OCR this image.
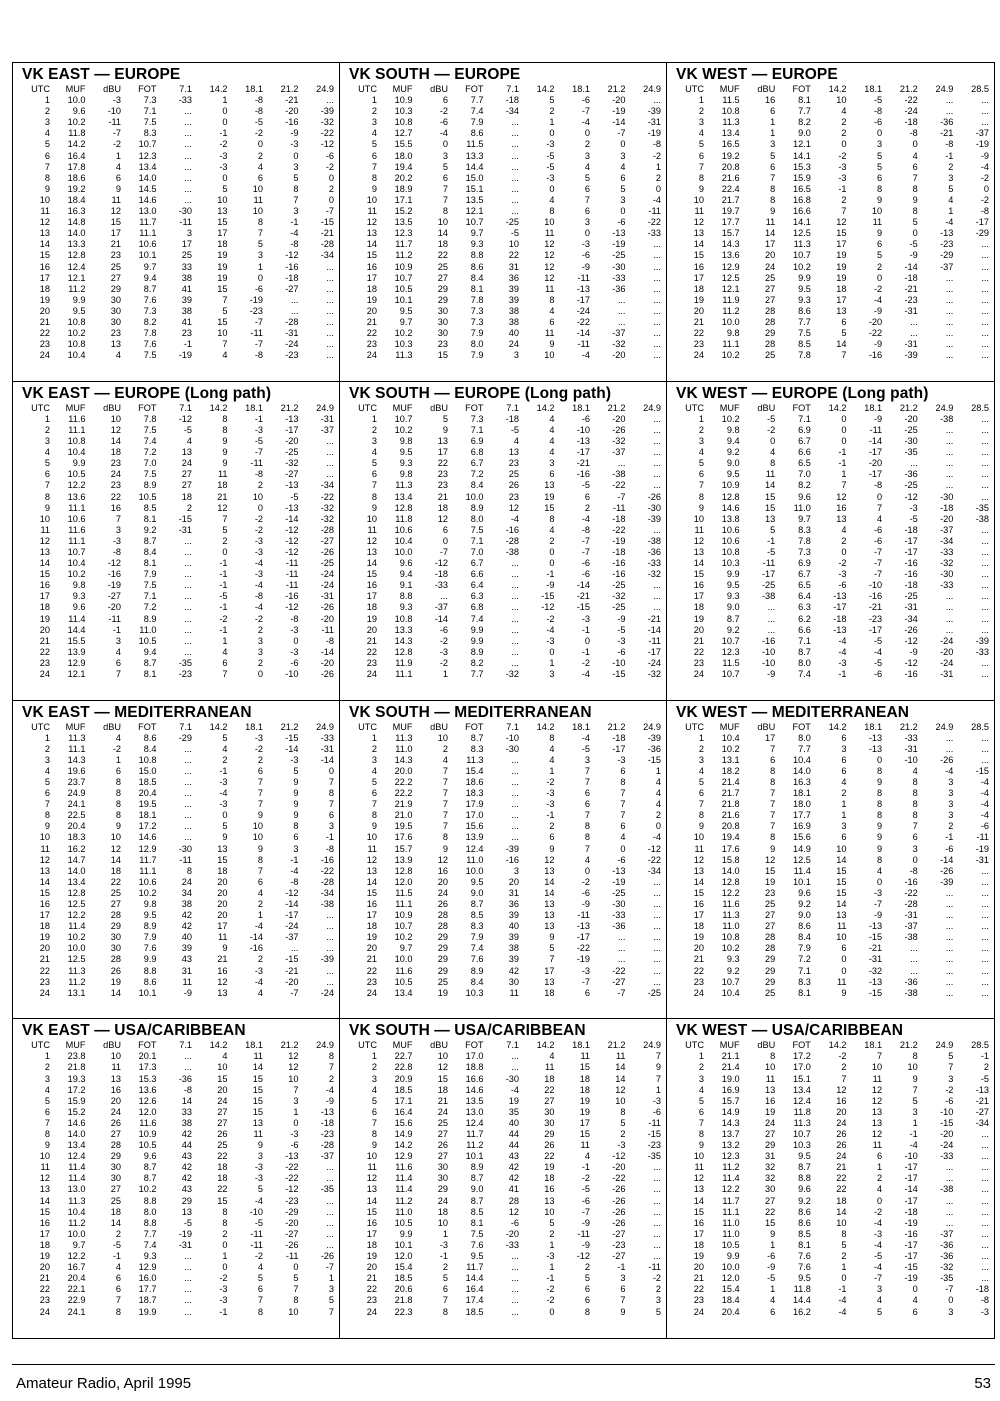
VK EAST — EUROPE
UTC	MUF	dBU	FOT	7.1	14.2	18.1	21.2	24.9
1	10.0	-3	7.3	-33	1	-8	-21	...
2	9.6	-10	7.1	...	0	-8	-20	-39
3	10.2	-11	7.5	...	0	-5	-16	-32
4	11.8	-7	8.3	...	-1	-2	-9	-22
5	14.2	-2	10.7	...	-2	0	-3	-12
6	16.4	1	12.3	...	-3	2	0	-6
7	17.8	4	13.4	...	-3	4	3	-2
8	18.6	6	14.0	...	0	6	5	0
9	19.2	9	14.5	...	5	10	8	2
10	18.4	11	14.6	...	10	11	7	0
11	16.3	12	13.0	-30	13	10	3	-7
12	14.8	15	11.7	-11	15	8	-1	-15
13	14.0	17	11.1	3	17	7	-4	-21
14	13.3	21	10.6	17	18	5	-8	-28
15	12.8	23	10.1	25	19	3	-12	-34
16	12.4	25	9.7	33	19	1	-16	...
17	12.1	27	9.4	38	19	0	-18	...
18	11.2	29	8.7	41	15	-6	-27	...
19	9.9	30	7.6	39	7	-19	...	...
20	9.5	30	7.3	38	5	-23	...	...
21	10.8	30	8.2	41	15	-7	-28	...
22	10.2	23	7.8	23	10	-11	-31	...
23	10.8	13	7.6	-1	7	-7	-24	...
24	10.4	4	7.5	-19	4	-8	-23	...
VK SOUTH — EUROPE
UTC	MUF	dBU	FOT	7.1	14.2	18.1	21.2	24.9
1	10.9	6	7.7	-18	5	-6	-20	...
2	10.3	-2	7.4	-34	2	-7	-19	-39
3	10.8	-6	7.9	...	1	-4	-14	-31
4	12.7	-4	8.6	...	0	0	-7	-19
5	15.5	0	11.5	...	-3	2	0	-8
6	18.0	3	13.3	...	-5	3	3	-2
7	19.4	5	14.4	...	-5	4	4	1
8	20.2	6	15.0	...	-3	5	6	2
9	18.9	7	15.1	...	0	6	5	0
10	17.1	7	13.5	...	4	7	3	-4
11	15.2	8	12.1	...	8	6	0	-11
12	13.5	10	10.7	-25	10	3	-6	-22
13	12.3	14	9.7	-5	11	0	-13	-33
14	11.7	18	9.3	10	12	-3	-19	...
15	11.2	22	8.8	22	12	-6	-25	...
16	10.9	25	8.6	31	12	-9	-30	...
17	10.7	27	8.4	36	12	-11	-33	...
18	10.5	29	8.1	39	11	-13	-36	...
19	10.1	29	7.8	39	8	-17	...	...
20	9.5	30	7.3	38	4	-24	...	...
21	9.7	30	7.3	38	6	-22	...	...
22	10.2	30	7.9	40	11	-14	-37	...
23	10.3	23	8.0	24	9	-11	-32	...
24	11.3	15	7.9	3	10	-4	-20	...
VK WEST — EUROPE
UTC	MUF	dBU	FOT	14.2	18.1	21.2	24.9	28.5
1	11.5	16	8.1	10	-5	-22	...	...
2	10.8	6	7.7	4	-8	-24	...	...
3	11.3	1	8.2	2	-6	-18	-36	...
4	13.4	1	9.0	2	0	-8	-21	-37
5	16.5	3	12.1	0	3	0	-8	-19
6	19.2	5	14.1	-2	5	4	-1	-9
7	20.8	6	15.3	-3	5	6	2	-4
8	21.6	7	15.9	-3	6	7	3	-2
9	22.4	8	16.5	-1	8	8	5	0
10	21.7	8	16.8	2	9	9	4	-2
11	19.7	9	16.6	7	10	8	1	-8
12	17.7	11	14.1	12	11	5	-4	-17
13	15.7	14	12.5	15	9	0	-13	-29
14	14.3	17	11.3	17	6	-5	-23	...
15	13.6	20	10.7	19	5	-9	-29	...
16	12.9	24	10.2	19	2	-14	-37	...
17	12.5	25	9.9	19	0	-18	...	...
18	12.1	27	9.5	18	-2	-21	...	...
19	11.9	27	9.3	17	-4	-23	...	...
20	11.2	28	8.6	13	-9	-31	...	...
21	10.0	28	7.7	6	-20	...	...	...
22	9.8	29	7.5	5	-22	...	...	...
23	11.1	28	8.5	14	-9	-31	...	...
24	10.2	25	7.8	7	-16	-39	...	...
VK EAST — EUROPE (Long path)
UTC	MUF	dBU	FOT	7.1	14.2	18.1	21.2	24.9
1	11.6	10	7.8	-12	8	-1	-13	-31
2	11.1	12	7.5	-5	8	-3	-17	-37
3	10.8	14	7.4	4	9	-5	-20	...
4	10.4	18	7.2	13	9	-7	-25	...
5	9.9	23	7.0	24	9	-11	-32	...
6	10.5	24	7.5	27	11	-8	-27	...
7	12.2	23	8.9	27	18	2	-13	-34
8	13.6	22	10.5	18	21	10	-5	-22
9	11.1	16	8.5	2	12	0	-13	-32
10	10.6	7	8.1	-15	7	-2	-14	-32
11	11.6	3	9.2	-31	5	-2	-12	-28
12	11.1	-3	8.7	...	2	-3	-12	-27
13	10.7	-8	8.4	...	0	-3	-12	-26
14	10.4	-12	8.1	...	-1	-4	-11	-25
15	10.2	-16	7.9	...	-1	-3	-11	-24
16	9.8	-19	7.5	...	-1	-4	-11	-24
17	9.3	-27	7.1	...	-5	-8	-16	-31
18	9.6	-20	7.2	...	-1	-4	-12	-26
19	11.4	-11	8.9	...	-2	-2	-8	-20
20	14.4	-1	11.0	...	-1	2	-3	-11
21	15.5	3	10.5	...	1	3	0	-8
22	13.9	4	9.4	...	4	3	-3	-14
23	12.9	6	8.7	-35	6	2	-6	-20
24	12.1	7	8.1	-23	7	0	-10	-26
VK SOUTH — EUROPE (Long path)
UTC	MUF	dBU	FOT	7.1	14.2	18.1	21.2	24.9
1	10.7	5	7.3	-18	4	-6	-20	...
2	10.2	9	7.1	-5	4	-10	-26	...
3	9.8	13	6.9	4	4	-13	-32	...
4	9.5	17	6.8	13	4	-17	-37	...
5	9.3	22	6.7	23	3	-21	...	...
6	9.8	23	7.2	25	6	-16	-38	...
7	11.3	23	8.4	26	13	-5	-22	...
8	13.4	21	10.0	23	19	6	-7	-26
9	12.8	18	8.9	12	15	2	-11	-30
10	11.8	12	8.0	-4	8	-4	-18	-39
11	10.6	6	7.5	-16	4	-8	-22	...
12	10.4	0	7.1	-28	2	-7	-19	-38
13	10.0	-7	7.0	-38	0	-7	-18	-36
14	9.6	-12	6.7	...	0	-6	-16	-33
15	9.4	-18	6.6	...	-1	-6	-16	-32
16	9.1	-33	6.4	...	-9	-14	-25	...
17	8.8	...	6.3	...	-15	-21	-32	...
18	9.3	-37	6.8	...	-12	-15	-25	...
19	10.8	-14	7.4	...	-2	-3	-9	-21
20	13.3	-6	9.9	...	-4	-1	-5	-14
21	14.3	-2	9.9	...	-3	0	-3	-11
22	12.8	-3	8.9	...	0	-1	-6	-17
23	11.9	-2	8.2	...	1	-2	-10	-24
24	11.1	1	7.7	-32	3	-4	-15	-32
VK WEST — EUROPE (Long path)
UTC	MUF	dBU	FOT	14.2	18.1	21.2	24.9	28.5
1	10.2	-5	7.1	0	-9	-20	-38	...
2	9.8	-2	6.9	0	-11	-25	...	...
3	9.4	0	6.7	0	-14	-30	...	...
4	9.2	4	6.6	-1	-17	-35	...	...
5	9.0	8	6.5	-1	-20	...	...	...
6	9.5	11	7.0	1	-17	-36	...	...
7	10.9	14	8.2	7	-8	-25	...	...
8	12.8	15	9.6	12	0	-12	-30	...
9	14.6	15	11.0	16	7	-3	-18	-35
10	13.8	13	9.7	13	4	-5	-20	-38
11	10.6	5	8.3	4	-6	-18	-37	...
12	10.6	-1	7.8	2	-6	-17	-34	...
13	10.8	-5	7.3	0	-7	-17	-33	...
14	10.3	-11	6.9	-2	-7	-16	-32	...
15	9.9	-17	6.7	-3	-7	-16	-30	...
16	9.5	-25	6.5	-6	-10	-18	-33	...
17	9.3	-38	6.4	-13	-16	-25	...	...
18	9.0	...	6.3	-17	-21	-31	...	...
19	8.7	...	6.2	-18	-23	-34	...	...
20	9.2	...	6.6	-13	-17	-26	...	...
21	10.7	-16	7.1	-4	-5	-12	-24	-39
22	12.3	-10	8.7	-4	-4	-9	-20	-33
23	11.5	-10	8.0	-3	-5	-12	-24	...
24	10.7	-9	7.4	-1	-6	-16	-31	...
VK EAST — MEDITERRANEAN
UTC	MUF	dBU	FOT	7.1	14.2	18.1	21.2	24.9
1	11.3	4	8.6	-29	5	-3	-15	-33
2	11.1	-2	8.4	...	4	-2	-14	-31
3	14.3	1	10.8	...	2	2	-3	-14
4	19.6	6	15.0	...	-1	6	5	0
5	23.7	8	18.5	...	-3	7	9	7
6	24.9	8	20.4	...	-4	7	9	8
7	24.1	8	19.5	...	-3	7	9	7
8	22.5	8	18.1	...	0	9	9	6
9	20.4	9	17.2	...	5	10	8	3
10	18.3	10	14.6	...	9	10	6	-1
11	16.2	12	12.9	-30	13	9	3	-8
12	14.7	14	11.7	-11	15	8	-1	-16
13	14.0	18	11.1	8	18	7	-4	-22
14	13.4	22	10.6	24	20	6	-8	-28
15	12.8	25	10.2	34	20	4	-12	-34
16	12.5	27	9.8	38	20	2	-14	-38
17	12.2	28	9.5	42	20	1	-17	...
18	11.4	29	8.9	42	17	-4	-24	...
19	10.2	30	7.9	40	11	-14	-37	...
20	10.0	30	7.6	39	9	-16	...	...
21	12.5	28	9.9	43	21	2	-15	-39
22	11.3	26	8.8	31	16	-3	-21	...
23	11.2	19	8.6	11	12	-4	-20	...
24	13.1	14	10.1	-9	13	4	-7	-24
VK SOUTH — MEDITERRANEAN
UTC	MUF	dBU	FOT	7.1	14.2	18.1	21.2	24.9
1	11.3	10	8.7	-10	8	-4	-18	-39
2	11.0	2	8.3	-30	4	-5	-17	-36
3	14.3	4	11.3	...	4	3	-3	-15
4	20.0	7	15.4	...	1	7	6	1
5	22.2	7	18.6	...	-2	7	8	4
6	22.2	7	18.3	...	-3	6	7	4
7	21.9	7	17.9	...	-3	6	7	4
8	21.0	7	17.0	...	-1	7	7	2
9	19.5	7	15.6	...	2	8	6	0
10	17.6	8	13.9	...	6	8	4	-4
11	15.7	9	12.4	-39	9	7	0	-12
12	13.9	12	11.0	-16	12	4	-6	-22
13	12.8	16	10.0	3	13	0	-13	-34
14	12.0	20	9.5	20	14	-2	-19	...
15	11.5	24	9.0	31	14	-6	-25	...
16	11.1	26	8.7	36	13	-9	-30	...
17	10.9	28	8.5	39	13	-11	-33	...
18	10.7	28	8.3	40	13	-13	-36	...
19	10.2	29	7.9	39	9	-17	...	...
20	9.7	29	7.4	38	5	-22	...	...
21	10.0	29	7.6	39	7	-19	...	...
22	11.6	29	8.9	42	17	-3	-22	...
23	10.5	25	8.4	30	13	-7	-27	...
24	13.4	19	10.3	11	18	6	-7	-25
VK WEST — MEDITERRANEAN
UTC	MUF	dBU	FOT	14.2	18.1	21.2	24.9	28.5
1	10.4	17	8.0	6	-13	-33	...	...
2	10.2	7	7.7	3	-13	-31	...	...
3	13.1	6	10.4	6	0	-10	-26	...
4	18.2	8	14.0	6	8	4	-4	-15
5	21.4	8	16.3	4	9	8	3	-4
6	21.7	7	18.1	2	8	8	3	-4
7	21.8	7	18.0	1	8	8	3	-4
8	21.6	7	17.7	1	8	8	3	-4
9	20.8	7	16.9	3	9	7	2	-6
10	19.4	8	15.6	6	9	6	-1	-11
11	17.6	9	14.9	10	9	3	-6	-19
12	15.8	12	12.5	14	8	0	-14	-31
13	14.0	15	11.4	15	4	-8	-26	...
14	12.8	19	10.1	15	0	-16	-39	...
15	12.2	23	9.6	15	-3	-22	...	...
16	11.6	25	9.2	14	-7	-28	...	...
17	11.3	27	9.0	13	-9	-31	...	...
18	11.0	27	8.6	11	-13	-37	...	...
19	10.8	28	8.4	10	-15	-38	...	...
20	10.2	28	7.9	6	-21	...	...	...
21	9.3	29	7.2	0	-31	...	...	...
22	9.2	29	7.1	0	-32	...	...	...
23	10.7	29	8.3	11	-13	-36	...	...
24	10.4	25	8.1	9	-15	-38	...	...
VK EAST — USA/CARIBBEAN
UTC	MUF	dBU	FOT	7.1	14.2	18.1	21.2	24.9
1	23.8	10	20.1	...	4	11	12	8
2	21.8	11	17.3	...	10	14	12	7
3	19.3	13	15.3	-36	15	15	10	2
4	17.2	16	13.6	-8	20	15	7	-4
5	15.9	20	12.6	14	24	15	3	-9
6	15.2	24	12.0	33	27	15	1	-13
7	14.6	26	11.6	38	27	13	0	-18
8	14.0	27	10.9	42	26	11	-3	-23
9	13.4	28	10.5	44	25	9	-6	-28
10	12.4	29	9.6	43	22	3	-13	-37
11	11.4	30	8.7	42	18	-3	-22	...
12	11.4	30	8.7	42	18	-3	-22	...
13	13.0	27	10.2	43	22	5	-12	-35
14	11.3	25	8.8	29	15	-4	-23	...
15	10.4	18	8.0	13	8	-10	-29	...
16	11.2	14	8.8	-5	8	-5	-20	...
17	10.0	2	7.7	-19	2	-11	-27	...
18	9.7	-5	7.4	-31	0	-11	-26	...
19	12.2	-1	9.3	...	1	-2	-11	-26
20	16.7	4	12.9	...	0	4	0	-7
21	20.4	6	16.0	...	-2	5	5	1
22	22.1	6	17.7	...	-3	6	7	3
23	22.9	7	18.7	...	-3	7	8	5
24	24.1	8	19.9	...	-1	8	10	7
VK SOUTH — USA/CARIBBEAN
UTC	MUF	dBU	FOT	7.1	14.2	18.1	21.2	24.9
1	22.7	10	17.0	...	4	11	11	7
2	22.8	12	18.8	...	11	15	14	9
3	20.9	15	16.6	-30	18	18	14	7
4	18.5	18	14.6	-4	22	18	12	1
5	17.1	21	13.5	19	27	19	10	-3
6	16.4	24	13.0	35	30	19	8	-6
7	15.6	25	12.4	40	30	17	5	-11
8	14.9	27	11.7	44	29	15	2	-15
9	14.2	26	11.2	44	26	11	-3	-23
10	12.9	27	10.1	43	22	4	-12	-35
11	11.6	30	8.9	42	19	-1	-20	...
12	11.4	30	8.7	42	18	-2	-22	...
13	11.4	29	9.0	41	16	-5	-26	...
14	11.2	24	8.7	28	13	-6	-26	...
15	11.0	18	8.5	12	10	-7	-26	...
16	10.5	10	8.1	-6	5	-9	-26	...
17	9.9	1	7.5	-20	2	-11	-27	...
18	10.1	-3	7.6	-33	1	-9	-23	...
19	12.0	-1	9.5	...	-3	-12	-27	...
20	15.4	2	11.7	...	1	2	-1	-11
21	18.5	5	14.4	...	-1	5	3	-2
22	20.6	6	16.4	...	-2	6	6	2
23	21.8	7	17.4	...	-2	6	7	3
24	22.3	8	18.5	...	0	8	9	5
VK WEST — USA/CARIBBEAN
UTC	MUF	dBU	FOT	14.2	18.1	21.2	24.9	28.5
1	21.1	8	17.2	-2	7	8	5	-1
2	21.4	10	17.0	2	10	10	7	2
3	19.0	11	15.1	7	11	9	3	-5
4	16.9	13	13.4	12	12	7	-2	-13
5	15.7	16	12.4	16	12	5	-6	-21
6	14.9	19	11.8	20	13	3	-10	-27
7	14.3	24	11.3	24	13	1	-15	-34
8	13.7	27	10.7	26	12	-1	-20	...
9	13.2	29	10.3	26	11	-4	-24	...
10	12.3	31	9.5	24	6	-10	-33	...
11	11.2	32	8.7	21	1	-17	...	...
12	11.4	32	8.8	22	2	-17	...	...
13	12.2	30	9.6	22	4	-14	-38	...
14	11.7	27	9.2	18	0	-17	...	...
15	11.1	22	8.6	14	-2	-18	...	...
16	11.0	15	8.6	10	-4	-19	...	...
17	11.0	9	8.5	8	-3	-16	-37	...
18	10.5	1	8.1	5	-4	-17	-36	...
19	9.9	-6	7.6	2	-5	-17	-36	...
20	10.0	-9	7.6	1	-4	-15	-32	...
21	12.0	-5	9.5	0	-7	-19	-35	...
22	15.4	1	11.8	-1	3	0	-7	-18
23	18.4	4	14.4	-4	4	4	0	-8
24	20.4	6	16.2	-4	5	6	3	-3
Amateur Radio, April 1995	53
